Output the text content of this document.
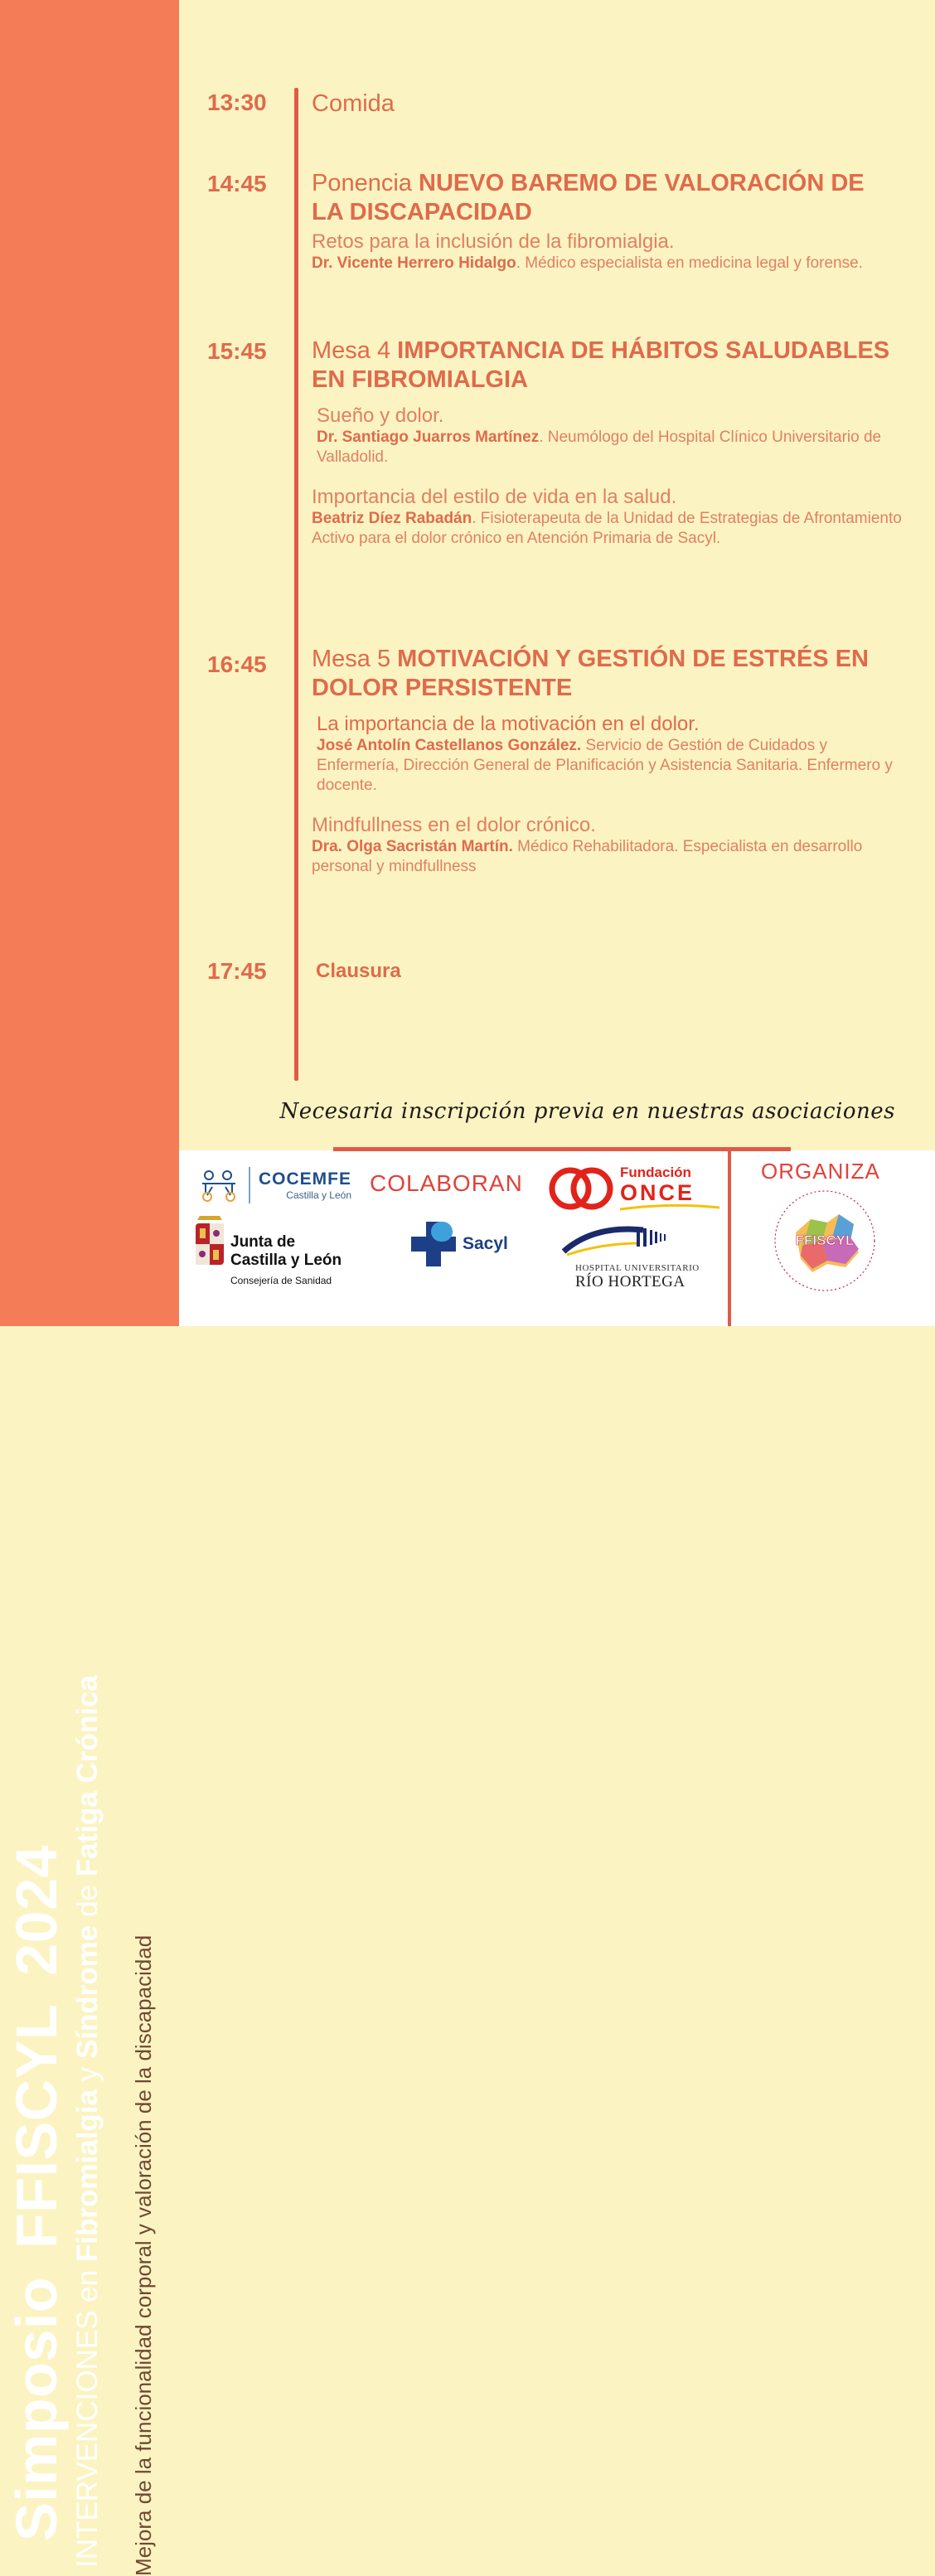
Simposio
FFISCYL
2024
INTERVENCIONES en Fibromialgia y Síndrome de Fatiga Crónica
Mejora de la funcionalidad corporal y valoración de la discapacidad
13:30 Comida
14:45 Ponencia NUEVO BAREMO DE VALORACIÓN DE LA DISCAPACIDAD
Retos para la inclusión de la fibromialgia.
Dr. Vicente Herrero Hidalgo. Médico especialista en medicina legal y forense.
15:45 Mesa 4 IMPORTANCIA DE HÁBITOS SALUDABLES EN FIBROMIALGIA
Sueño y dolor.
Dr. Santiago Juarros Martínez. Neumólogo del Hospital Clínico Universitario de Valladolid.
Importancia del estilo de vida en la salud.
Beatriz Díez Rabadán. Fisioterapeuta de la Unidad de Estrategias de Afrontamiento Activo para el dolor crónico en Atención Primaria de Sacyl.
16:45 Mesa 5 MOTIVACIÓN Y GESTIÓN DE ESTRÉS EN DOLOR PERSISTENTE
La importancia de la motivación en el dolor.
José Antolín Castellanos González. Servicio de Gestión de Cuidados y Enfermería, Dirección General de Planificación y Asistencia Sanitaria. Enfermero y docente.
Mindfullness en el dolor crónico.
Dra. Olga Sacristán Martín. Médico Rehabilitadora. Especialista en desarrollo personal y mindfullness
17:45 Clausura
Necesaria inscripción previa en nuestras asociaciones
COLABORAN	ORGANIZA
COCEMFE
Castilla y León
Fundación
ONCE
Junta de
Castilla y León
Consejería de Sanidad
Sacyl
HOSPITAL UNIVERSITARIO
RÍO HORTEGA
FFISCYL
